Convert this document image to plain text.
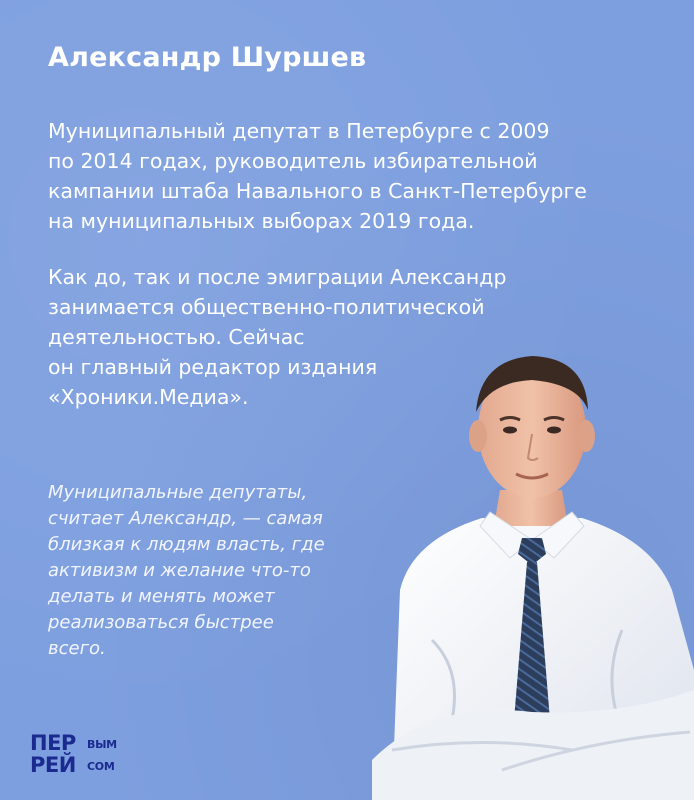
Александр Шуршев

Муниципальный депутат в Петербурге с 2009
по 2014 годах, руководитель избирательной
кампании штаба Навального в Санкт-Петербурге
на муниципальных выборах 2019 года.

Как до, так и после эмиграции Александр
занимается общественно-политической
деятельностью. Сейчас
он главный редактор издания
«Хроники.Медиа».

Муниципальные депутаты,
считает Александр, — самая
близкая к людям власть, где
активизм и желание что-то
делать и менять может
реализоваться быстрее
всего.

ПЕР ВЫМ
РЕЙ СОМ
